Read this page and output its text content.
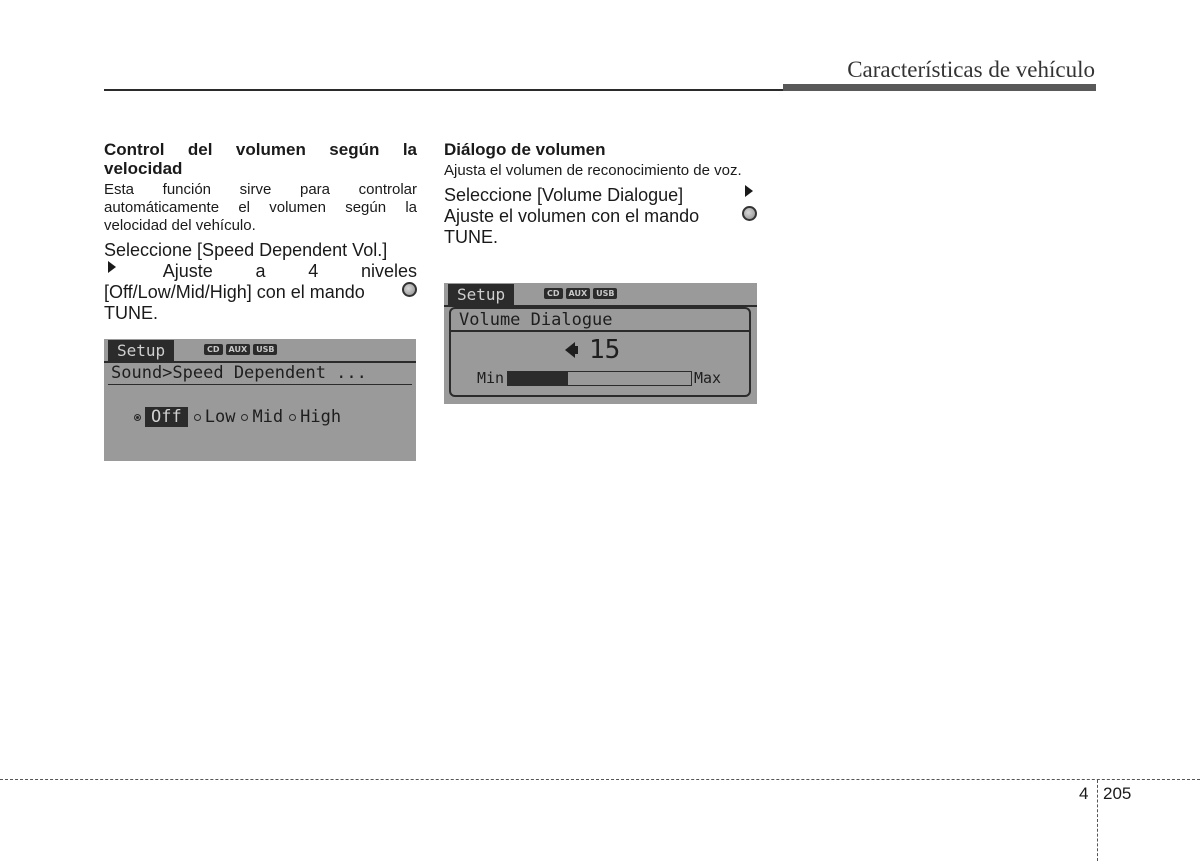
Características de vehículo

Control del volumen según la velocidad

Esta función sirve para controlar automáticamente el volumen según la velocidad del vehículo.

Seleccione [Speed Dependent Vol.]
Ajuste a 4 niveles
[Off/Low/Mid/High] con el mando
TUNE.
Setup	CD	AUX	USB
Sound>Speed Dependent ...
Off	Low Mid High

Diálogo de volumen

Ajusta el volumen de reconocimiento de voz.

Seleccione [Volume Dialogue]
Ajuste el volumen con el mando
TUNE.
Setup	CD	AUX	USB
Volume Dialogue
15
Min	Max
4 205
